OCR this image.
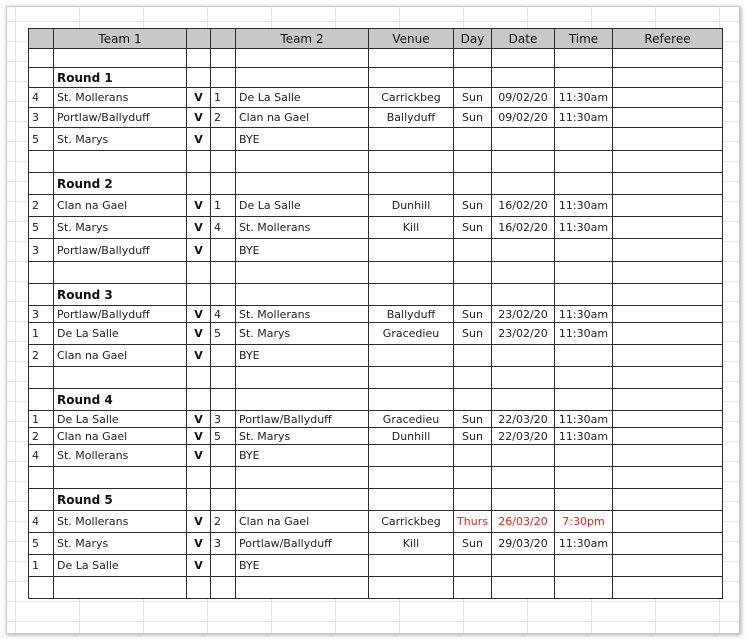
	Team 1			Team 2	Venue	Day	Date	Time	Referee

	Round 1								
4	St. Mollerans	V	1	De La Salle	Carrickbeg	Sun	09/02/20	11:30am	
3	Portlaw/Ballyduff	V	2	Clan na Gael	Ballyduff	Sun	09/02/20	11:30am	
5	St. Marys	V		BYE					

	Round 2								
2	Clan na Gael	V	1	De La Salle	Dunhill	Sun	16/02/20	11:30am	
5	St. Marys	V	4	St. Mollerans	Kill	Sun	16/02/20	11:30am	
3	Portlaw/Ballyduff	V		BYE					

	Round 3								
3	Portlaw/Ballyduff	V	4	St. Mollerans	Ballyduff	Sun	23/02/20	11:30am	
1	De La Salle	V	5	St. Marys	Gracedieu	Sun	23/02/20	11:30am	
2	Clan na Gael	V		BYE					

	Round 4								
1	De La Salle	V	3	Portlaw/Ballyduff	Gracedieu	Sun	22/03/20	11:30am	
2	Clan na Gael	V	5	St. Marys	Dunhill	Sun	22/03/20	11:30am	
4	St. Mollerans	V		BYE					

	Round 5								
4	St. Mollerans	V	2	Clan na Gael	Carrickbeg	Thurs	26/03/20	7:30pm	
5	St. Marys	V	3	Portlaw/Ballyduff	Kill	Sun	29/03/20	11:30am	
1	De La Salle	V		BYE					
